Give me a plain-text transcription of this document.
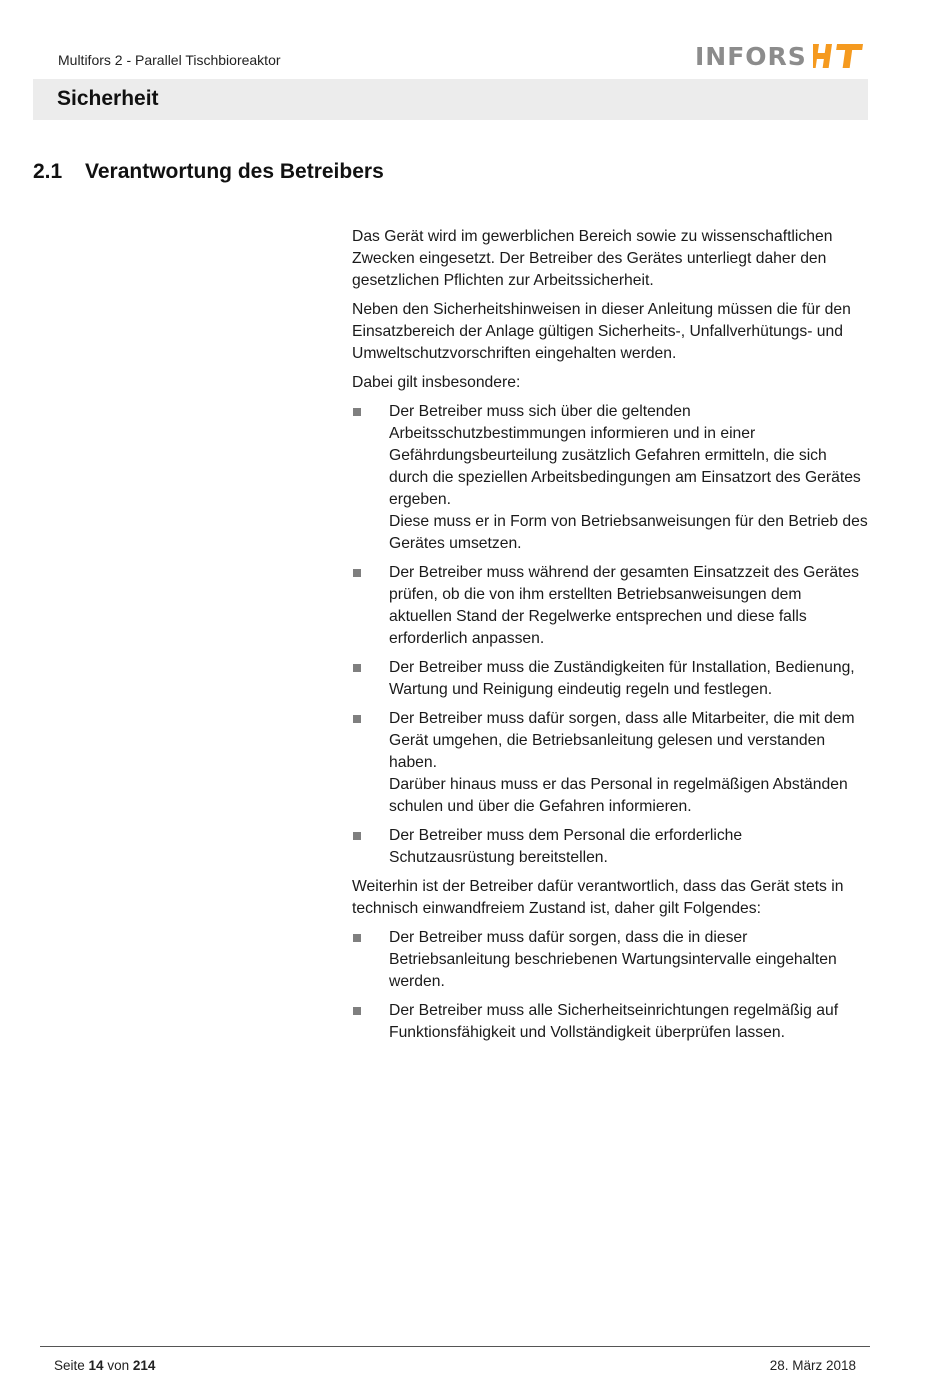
Multifors 2 - Parallel Tischbioreaktor	INFORS
Sicherheit
2.1 Verantwortung des Betreibers

Das Gerät wird im gewerblichen Bereich sowie zu wissenschaftlichen Zwecken eingesetzt. Der Betreiber des Gerätes unterliegt daher den gesetzlichen Pflichten zur Arbeitssicherheit.

Neben den Sicherheitshinweisen in dieser Anleitung müssen die für den Einsatzbereich der Anlage gültigen Sicherheits-, Unfallverhütungs- und Umweltschutzvorschriften eingehalten werden.

Dabei gilt insbesondere:

Der Betreiber muss sich über die geltenden Arbeitsschutzbestimmungen informieren und in einer Gefährdungsbeurteilung zusätzlich Gefahren ermitteln, die sich durch die speziellen Arbeitsbedingungen am Einsatzort des Gerätes ergeben.
Diese muss er in Form von Betriebsanweisungen für den Betrieb des Gerätes umsetzen.
Der Betreiber muss während der gesamten Einsatzzeit des Gerätes prüfen, ob die von ihm erstellten Betriebsanweisungen dem aktuellen Stand der Regelwerke entsprechen und diese falls erforderlich anpassen.
Der Betreiber muss die Zuständigkeiten für Installation, Bedienung, Wartung und Reinigung eindeutig regeln und festlegen.
Der Betreiber muss dafür sorgen, dass alle Mitarbeiter, die mit dem Gerät umgehen, die Betriebsanleitung gelesen und verstanden haben.
Darüber hinaus muss er das Personal in regelmäßigen Abständen schulen und über die Gefahren informieren.
Der Betreiber muss dem Personal die erforderliche Schutzausrüstung bereitstellen.

Weiterhin ist der Betreiber dafür verantwortlich, dass das Gerät stets in technisch einwandfreiem Zustand ist, daher gilt Folgendes:

Der Betreiber muss dafür sorgen, dass die in dieser Betriebsanleitung beschriebenen Wartungsintervalle eingehalten werden.
Der Betreiber muss alle Sicherheitseinrichtungen regelmäßig auf Funktionsfähigkeit und Vollständigkeit überprüfen lassen.
Seite 14 von 214	28. März 2018
